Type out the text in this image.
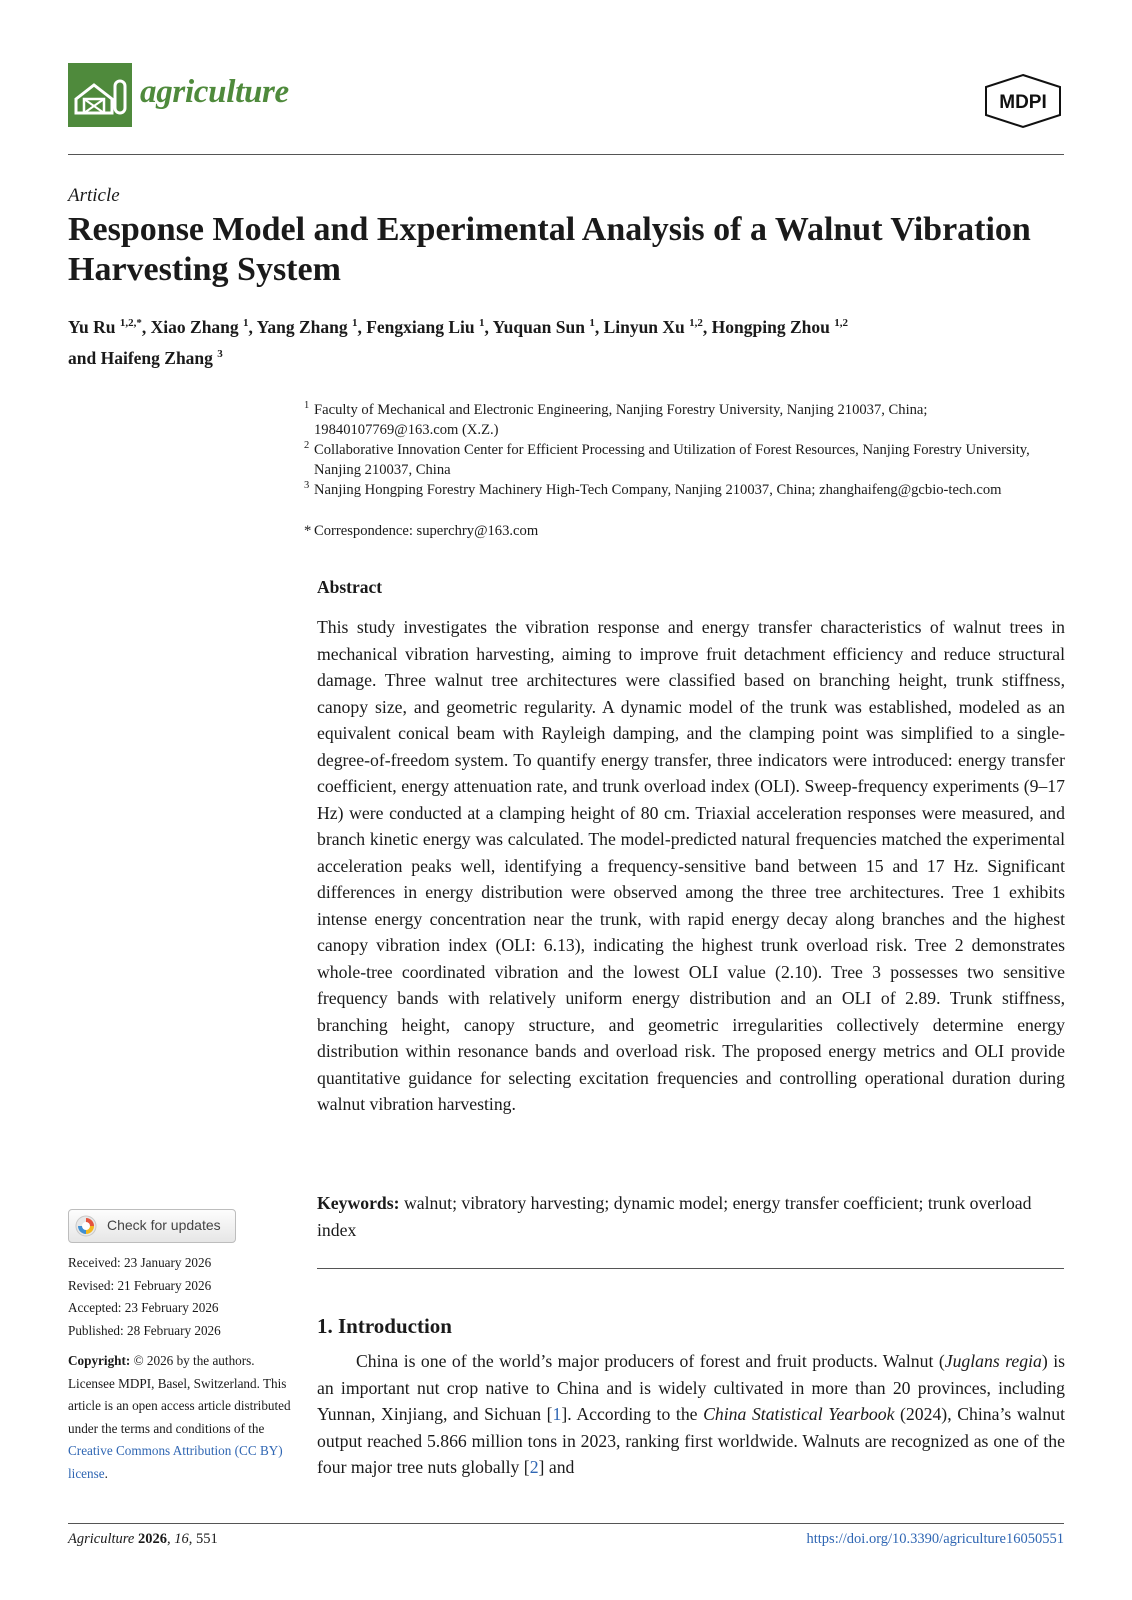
agriculture	MDPI
Article
Response Model and Experimental Analysis of a Walnut Vibration Harvesting System
Yu Ru $^{1,2,*}$, Xiao Zhang $^1$, Yang Zhang $^1$, Fengxiang Liu $^1$, Yuquan Sun $^1$, Linyun Xu $^{1,2}$, Hongping Zhou $^{1,2}$
and Haifeng Zhang $^3$
1 Faculty of Mechanical and Electronic Engineering, Nanjing Forestry University, Nanjing 210037, China; 19840107769@163.com (X.Z.)
2 Collaborative Innovation Center for Efficient Processing and Utilization of Forest Resources, Nanjing Forestry University, Nanjing 210037, China
3 Nanjing Hongping Forestry Machinery High-Tech Company, Nanjing 210037, China; zhanghaifeng@gcbio-tech.com
* Correspondence: superchry@163.com
Abstract
This study investigates the vibration response and energy transfer characteristics of walnut trees in mechanical vibration harvesting, aiming to improve fruit detachment efficiency and reduce structural damage. Three walnut tree architectures were classified based on branching height, trunk stiffness, canopy size, and geometric regularity. A dynamic model of the trunk was established, modeled as an equivalent conical beam with Rayleigh damping, and the clamping point was simplified to a single-degree-of-freedom system. To quantify energy transfer, three indicators were introduced: energy transfer coefficient, energy attenuation rate, and trunk overload index (OLI). Sweep-frequency experiments (9–17 Hz) were conducted at a clamping height of 80 cm. Triaxial acceleration responses were measured, and branch kinetic energy was calculated. The model-predicted natural frequencies matched the experimental acceleration peaks well, identifying a frequency-sensitive band between 15 and 17 Hz. Significant differences in energy distribution were observed among the three tree architectures. Tree 1 exhibits intense energy concentration near the trunk, with rapid energy decay along branches and the highest canopy vibration index (OLI: 6.13), indicating the highest trunk overload risk. Tree 2 demonstrates whole-tree coordinated vibration and the lowest OLI value (2.10). Tree 3 possesses two sensitive frequency bands with relatively uniform energy distribution and an OLI of 2.89. Trunk stiffness, branching height, canopy structure, and geometric irregularities collectively determine energy distribution within resonance bands and overload risk. The proposed energy metrics and OLI provide quantitative guidance for selecting excitation frequencies and controlling operational duration during walnut vibration harvesting.
Keywords: walnut; vibratory harvesting; dynamic model; energy transfer coefficient; trunk overload index
1. Introduction
China is one of the world’s major producers of forest and fruit products. Walnut (Juglans regia) is an important nut crop native to China and is widely cultivated in more than 20 provinces, including Yunnan, Xinjiang, and Sichuan [1]. According to the China Statistical Yearbook (2024), China’s walnut output reached 5.866 million tons in 2023, ranking first worldwide. Walnuts are recognized as one of the four major tree nuts globally [2] and
Check for updates
Received: 23 January 2026
Revised: 21 February 2026
Accepted: 23 February 2026
Published: 28 February 2026
Copyright: © 2026 by the authors. Licensee MDPI, Basel, Switzerland. This article is an open access article distributed under the terms and conditions of the Creative Commons Attribution (CC BY) license.
Agriculture 2026, 16, 551	https://doi.org/10.3390/agriculture16050551
